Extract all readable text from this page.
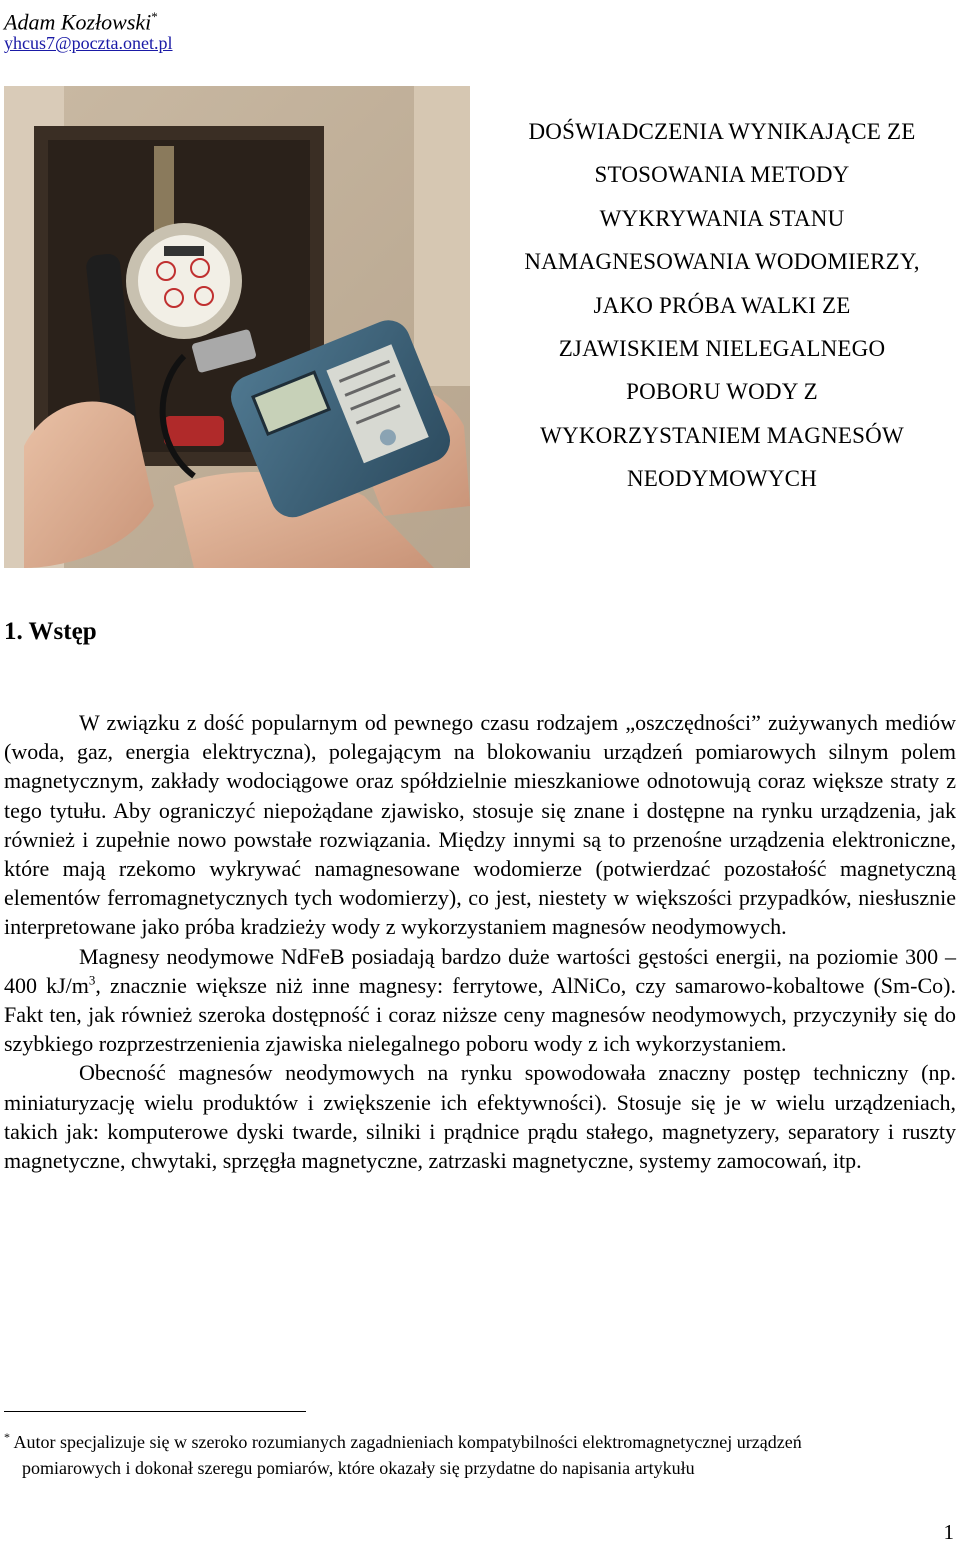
Adam Kozłowski*
yhcus7@poczta.onet.pl
DOŚWIADCZENIA WYNIKAJĄCE ZE
STOSOWANIA METODY
WYKRYWANIA STANU
NAMAGNESOWANIA WODOMIERZY,
JAKO PRÓBA WALKI ZE
ZJAWISKIEM NIELEGALNEGO
POBORU WODY Z
WYKORZYSTANIEM MAGNESÓW
NEODYMOWYCH
1. Wstęp

W związku z dość popularnym od pewnego czasu rodzajem „oszczędności” zużywanych mediów (woda, gaz, energia elektryczna), polegającym na blokowaniu urządzeń pomiarowych silnym polem magnetycznym, zakłady wodociągowe oraz spółdzielnie mieszkaniowe odnotowują coraz większe straty z tego tytułu. Aby ograniczyć niepożądane zjawisko, stosuje się znane i dostępne na rynku urządzenia, jak również i zupełnie nowo powstałe rozwiązania. Między innymi są to przenośne urządzenia elektroniczne, które mają rzekomo wykrywać namagnesowane wodomierze (potwierdzać pozostałość magnetyczną elementów ferromagnetycznych tych wodomierzy), co jest, niestety w większości przypadków, niesłusznie interpretowane jako próba kradzieży wody z wykorzystaniem magnesów neodymowych.

Magnesy neodymowe NdFeB posiadają bardzo duże wartości gęstości energii, na poziomie 300 – 400 $kJ/m^3$, znacznie większe niż inne magnesy: ferrytowe, AlNiCo, czy samarowo-kobaltowe (Sm-Co). Fakt ten, jak również szeroka dostępność i coraz niższe ceny magnesów neodymowych, przyczyniły się do szybkiego rozprzestrzenienia zjawiska nielegalnego poboru wody z ich wykorzystaniem.

Obecność magnesów neodymowych na rynku spowodowała znaczny postęp techniczny (np. miniaturyzację wielu produktów i zwiększenie ich efektywności). Stosuje się je w wielu urządzeniach, takich jak: komputerowe dyski twarde, silniki i prądnice prądu stałego, magnetyzery, separatory i ruszty magnetyczne, chwytaki, sprzęgła magnetyczne, zatrzaski magnetyczne, systemy zamocowań, itp.

* Autor specjalizuje się w szeroko rozumianych zagadnieniach kompatybilności elektromagnetycznej urządzeń
pomiarowych i dokonał szeregu pomiarów, które okazały się przydatne do napisania artykułu
1
